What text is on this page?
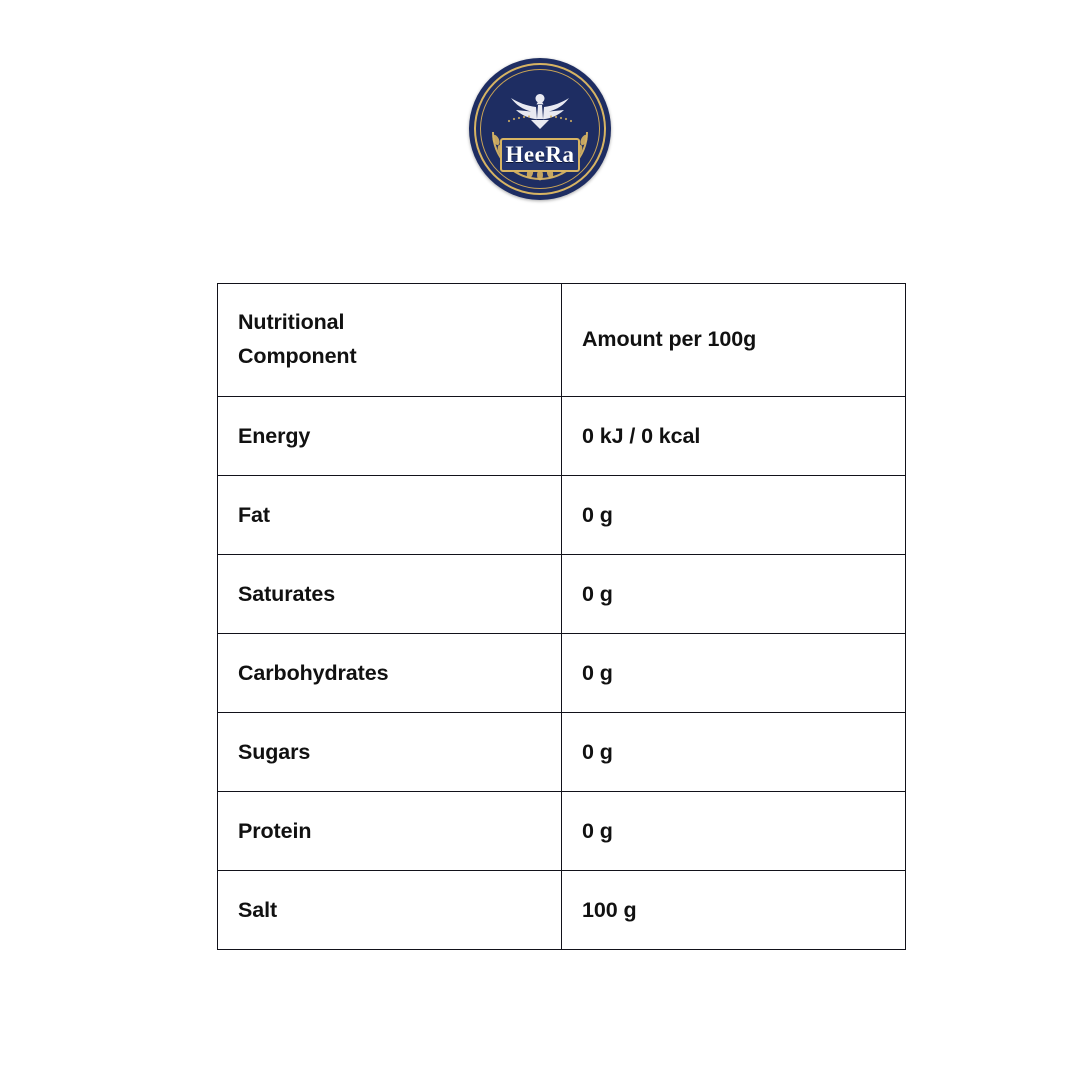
HeeRa
Nutritional
Component	Amount per 100g
Energy	0 kJ / 0 kcal
Fat	0 g
Saturates	0 g
Carbohydrates	0 g
Sugars	0 g
Protein	0 g
Salt	100 g
